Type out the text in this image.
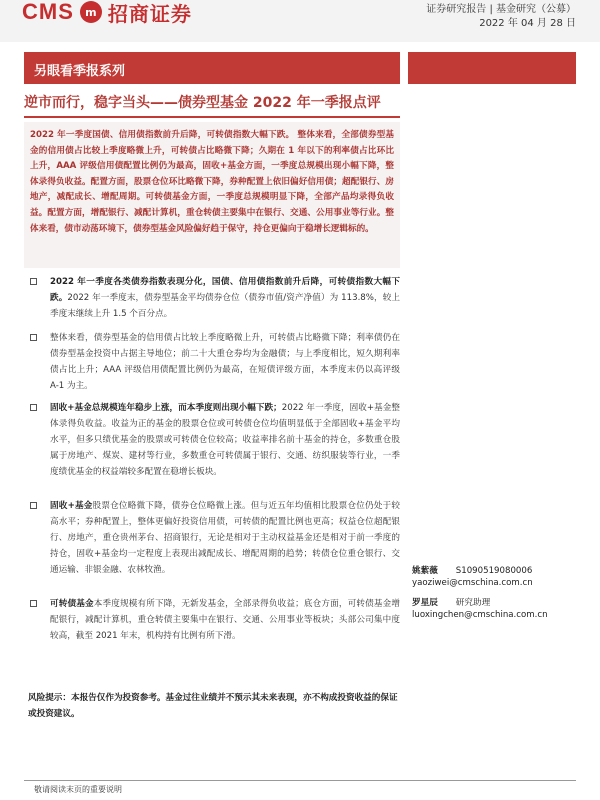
CMS	m 招商证券	证券研究报告 | 基金研究（公募）
2022 年 04 月 28 日
另眼看季报系列
逆市而行，稳字当头——债券型基金 2022 年一季报点评
2022 年一季度国债、信用债指数前升后降，可转债指数大幅下跌。 整体来看，全部债券型基金的信用债占比较上季度略微上升，可转债占比略微下降；久期在 1 年以下的利率债占比环比上升，AAA 评级信用债配置比例仍为最高，固收+基金方面，一季度总规模出现小幅下降，整体录得负收益。配置方面，股票仓位环比略微下降，券种配置上依旧偏好信用债；超配银行、房地产，减配成长、增配周期。可转债基金方面，一季度总规模明显下降，全部产品均录得负收益。配置方面，增配银行、减配计算机，重仓转债主要集中在银行、交通、公用事业等行业。整体来看，债市动荡环境下，债券型基金风险偏好趋于保守，持仓更偏向于稳增长逻辑标的。
2022 年一季度各类债券指数表现分化，国债、信用债指数前升后降，可转债指数大幅下跌。2022 年一季度末，债券型基金平均债券仓位（债券市值/资产净值）为 113.8%，较上季度末继续上升 1.5 个百分点。
整体来看，债券型基金的信用债占比较上季度略微上升，可转债占比略微下降；利率债仍在债券型基金投资中占据主导地位；前二十大重仓券均为金融债；与上季度相比，短久期利率债占比上升；AAA 评级信用债配置比例仍为最高，在短债评级方面，本季度末仍以高评级 A-1 为主。
固收+基金总规模连年稳步上涨，而本季度则出现小幅下跌；2022 年一季度，固收+基金整体录得负收益。收益为正的基金的股票仓位或可转债仓位均值明显低于全部固收+基金平均水平，但多只绩优基金的股票或可转债仓位较高；收益率排名前十基金的持仓，多数重仓股属于房地产、煤炭、建材等行业，多数重仓可转债属于银行、交通、纺织服装等行业，一季度绩优基金的权益端较多配置在稳增长板块。
固收+基金股票仓位略微下降，债券仓位略微上涨。但与近五年均值相比股票仓位仍处于较高水平；券种配置上，整体更偏好投资信用债，可转债的配置比例也更高；权益仓位超配银行、房地产，重仓贵州茅台、招商银行，无论是相对于主动权益基金还是相对于前一季度的持仓，固收+基金均一定程度上表现出减配成长、增配周期的趋势；转债仓位重仓银行、交通运输、非银金融、农林牧渔。
可转债基金本季度规模有所下降，无新发基金，全部录得负收益；底仓方面，可转债基金增配银行，减配计算机，重仓转债主要集中在银行、交通、公用事业等板块；头部公司集中度较高，截至 2021 年末，机构持有比例有所下滑。
风险提示：本报告仅作为投资参考。基金过往业绩并不预示其未来表现，亦不构成投资收益的保证或投资建议。
姚紫薇 S1090519080006
yaoziwei@cmschina.com.cn
罗星辰 研究助理
luoxingchen@cmschina.com.cn
敬请阅读末页的重要说明
